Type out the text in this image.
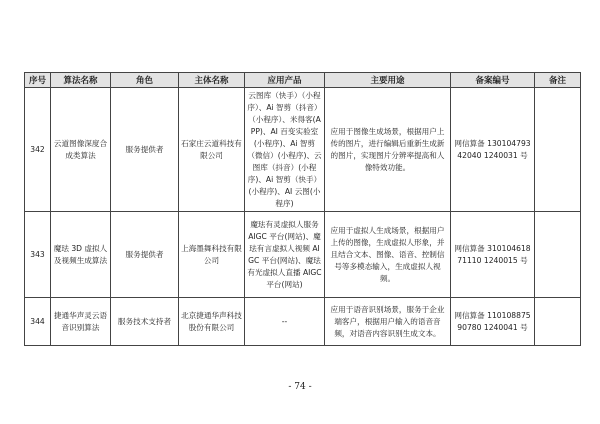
序号	算法名称	角色	主体名称	应用产品	主要用途	备案编号	备注
342	云道图像深度合成类算法	服务提供者	石家庄云道科技有限公司	云图库（快手）（小程序）、Ai 智剪（抖音）（小程序）、米得客(APP)、AI 百变实验室(小程序)、Ai 智剪（微信）(小程序)、云图库（抖音）(小程序)、Ai 智剪（快手）(小程序)、AI 云图(小程序)	应用于图像生成场景，根据用户上传的图片，进行编辑后重新生成新的图片，实现图片分辨率提高和人像特效功能。	网信算备 13010479342040 1240031 号	
343	魔珐 3D 虚拟人及视频生成算法	服务提供者	上海墨舞科技有限公司	魔珐有灵虚拟人服务 AIGC 平台(网站)、魔珐有言虚拟人视频 AIGC 平台(网站)、魔珐有光虚拟人直播 AIGC 平台(网站)	应用于虚拟人生成场景，根据用户上传的图像，生成虚拟人形象，并且结合文本、图像、语音、控制信号等多模态输入，生成虚拟人视频。	网信算备 31010461871110 1240015 号	
344	捷通华声灵云语音识别算法	服务技术支持者	北京捷通华声科技股份有限公司	--	应用于语音识别场景，服务于企业端客户，根据用户输入的语音音频，对语音内容识别生成文本。	网信算备 11010887590780 1240041 号	
- 74 -
